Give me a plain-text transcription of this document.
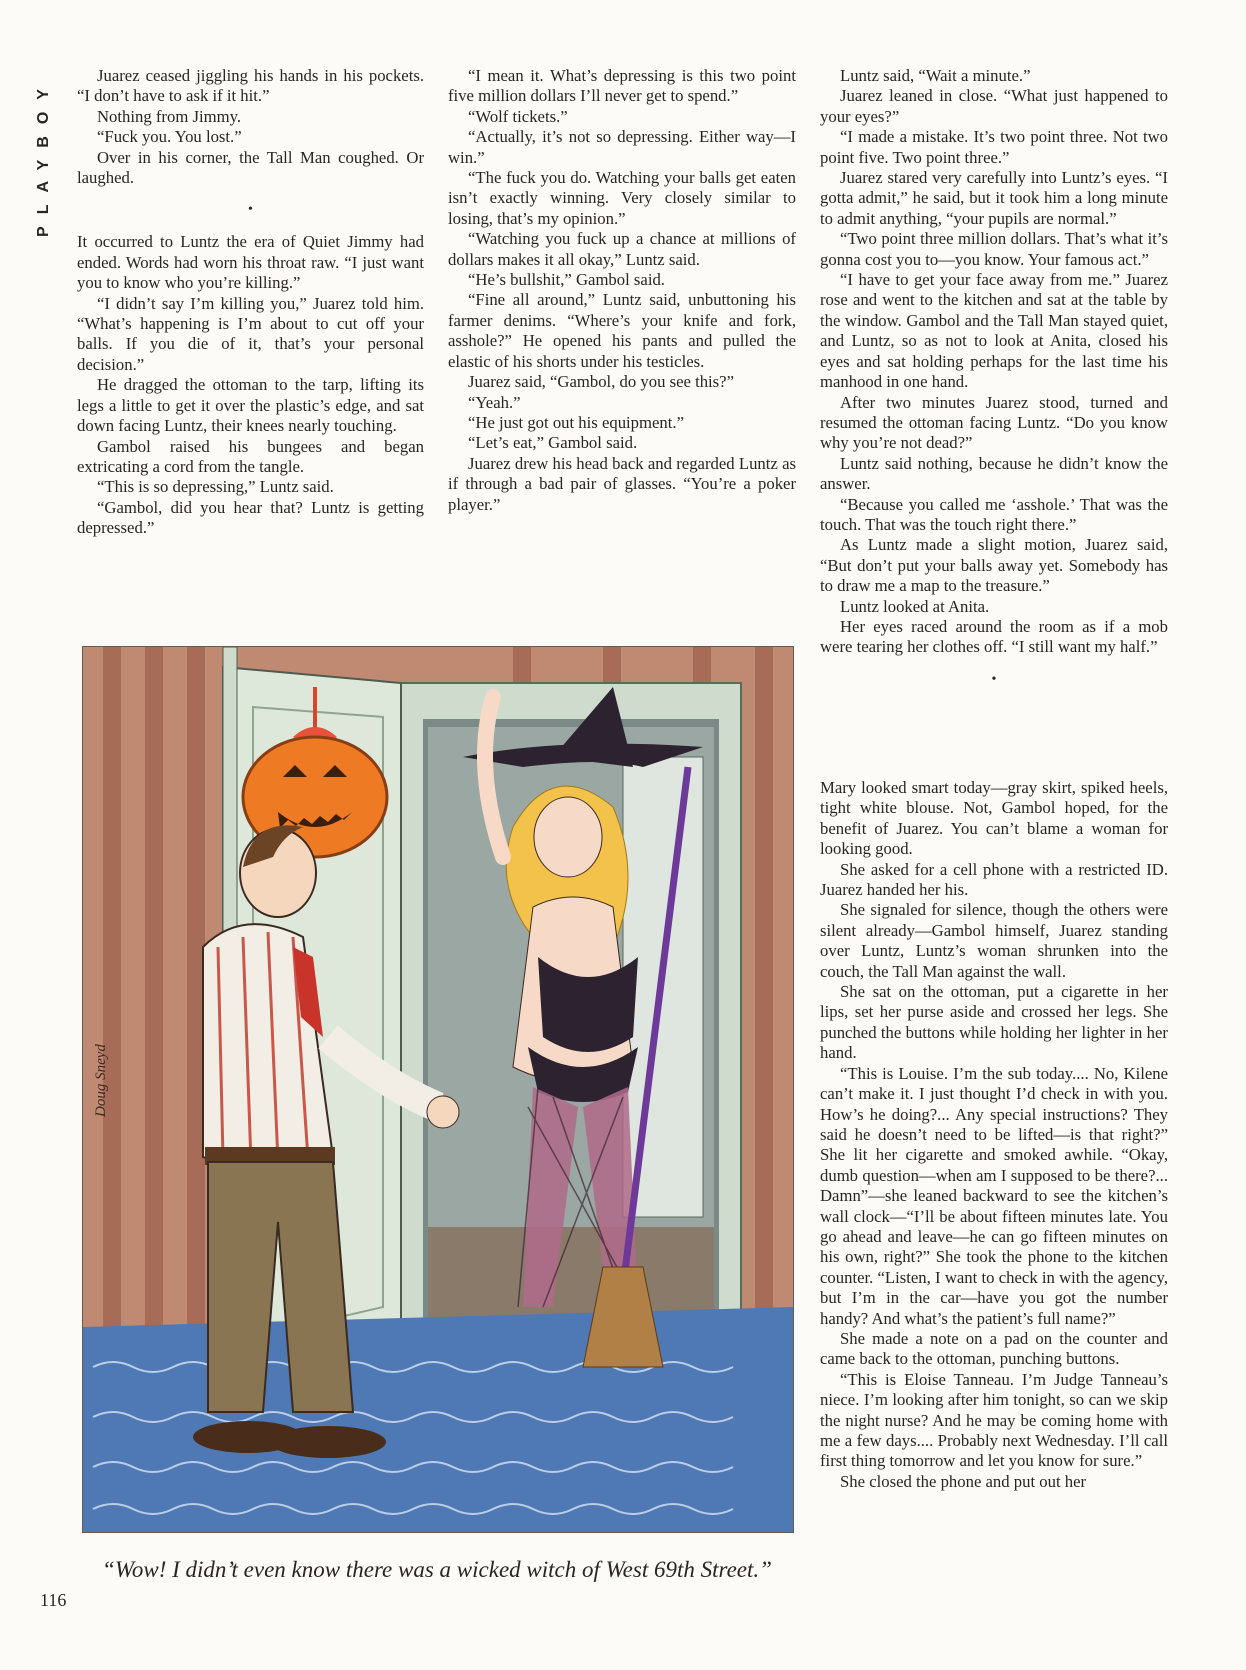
PLAYBOY

Juarez ceased jiggling his hands in his pockets. “I don’t have to ask if it hit.”

Nothing from Jimmy.

“Fuck you. You lost.”

Over in his corner, the Tall Man coughed. Or laughed.

•

It occurred to Luntz the era of Quiet Jimmy had ended. Words had worn his throat raw. “I just want you to know who you’re killing.”

“I didn’t say I’m killing you,” Juarez told him. “What’s happening is I’m about to cut off your balls. If you die of it, that’s your personal decision.”

He dragged the ottoman to the tarp, lifting its legs a little to get it over the plastic’s edge, and sat down facing Luntz, their knees nearly touching.

Gambol raised his bungees and began extricating a cord from the tangle.

“This is so depressing,” Luntz said.

“Gambol, did you hear that? Luntz is getting depressed.”

“I mean it. What’s depressing is this two point five million dollars I’ll never get to spend.”

“Wolf tickets.”

“Actually, it’s not so depressing. Either way—I win.”

“The fuck you do. Watching your balls get eaten isn’t exactly winning. Very closely similar to losing, that’s my opinion.”

“Watching you fuck up a chance at millions of dollars makes it all okay,” Luntz said.

“He’s bullshit,” Gambol said.

“Fine all around,” Luntz said, unbuttoning his farmer denims. “Where’s your knife and fork, asshole?” He opened his pants and pulled the elastic of his shorts under his testicles.

Juarez said, “Gambol, do you see this?”

“Yeah.”

“He just got out his equipment.”

“Let’s eat,” Gambol said.

Juarez drew his head back and regarded Luntz as if through a bad pair of glasses. “You’re a poker player.”

Luntz said, “Wait a minute.”

Juarez leaned in close. “What just happened to your eyes?”

“I made a mistake. It’s two point three. Not two point five. Two point three.”

Juarez stared very carefully into Luntz’s eyes. “I gotta admit,” he said, but it took him a long minute to admit anything, “your pupils are normal.”

“Two point three million dollars. That’s what it’s gonna cost you to—you know. Your famous act.”

“I have to get your face away from me.” Juarez rose and went to the kitchen and sat at the table by the window. Gambol and the Tall Man stayed quiet, and Luntz, so as not to look at Anita, closed his eyes and sat holding perhaps for the last time his manhood in one hand.

After two minutes Juarez stood, turned and resumed the ottoman facing Luntz. “Do you know why you’re not dead?”

Luntz said nothing, because he didn’t know the answer.

“Because you called me ‘asshole.’ That was the touch. That was the touch right there.”

As Luntz made a slight motion, Juarez said, “But don’t put your balls away yet. Somebody has to draw me a map to the treasure.”

Luntz looked at Anita.

Her eyes raced around the room as if a mob were tearing her clothes off. “I still want my half.”

•

Mary looked smart today—gray skirt, spiked heels, tight white blouse. Not, Gambol hoped, for the benefit of Juarez. You can’t blame a woman for looking good.

She asked for a cell phone with a restricted ID. Juarez handed her his.

She signaled for silence, though the others were silent already—Gambol himself, Juarez standing over Luntz, Luntz’s woman shrunken into the couch, the Tall Man against the wall.

She sat on the ottoman, put a cigarette in her lips, set her purse aside and crossed her legs. She punched the buttons while holding her lighter in her hand.

“This is Louise. I’m the sub today.... No, Kilene can’t make it. I just thought I’d check in with you. How’s he doing?... Any special instructions? They said he doesn’t need to be lifted—is that right?” She lit her cigarette and smoked awhile. “Okay, dumb question—when am I supposed to be there?... Damn”—she leaned backward to see the kitchen’s wall clock—“I’ll be about fifteen minutes late. You go ahead and leave—he can go fifteen minutes on his own, right?” She took the phone to the kitchen counter. “Listen, I want to check in with the agency, but I’m in the car—have you got the number handy? And what’s the patient’s full name?”

She made a note on a pad on the counter and came back to the ottoman, punching buttons.

“This is Eloise Tanneau. I’m Judge Tanneau’s niece. I’m looking after him tonight, so can we skip the night nurse? And he may be coming home with me a few days.... Probably next Wednesday. I’ll call first thing tomorrow and let you know for sure.”

She closed the phone and put out her

Doug Sneyd
“Wow! I didn’t even know there was a wicked witch of West 69th Street.”
116
